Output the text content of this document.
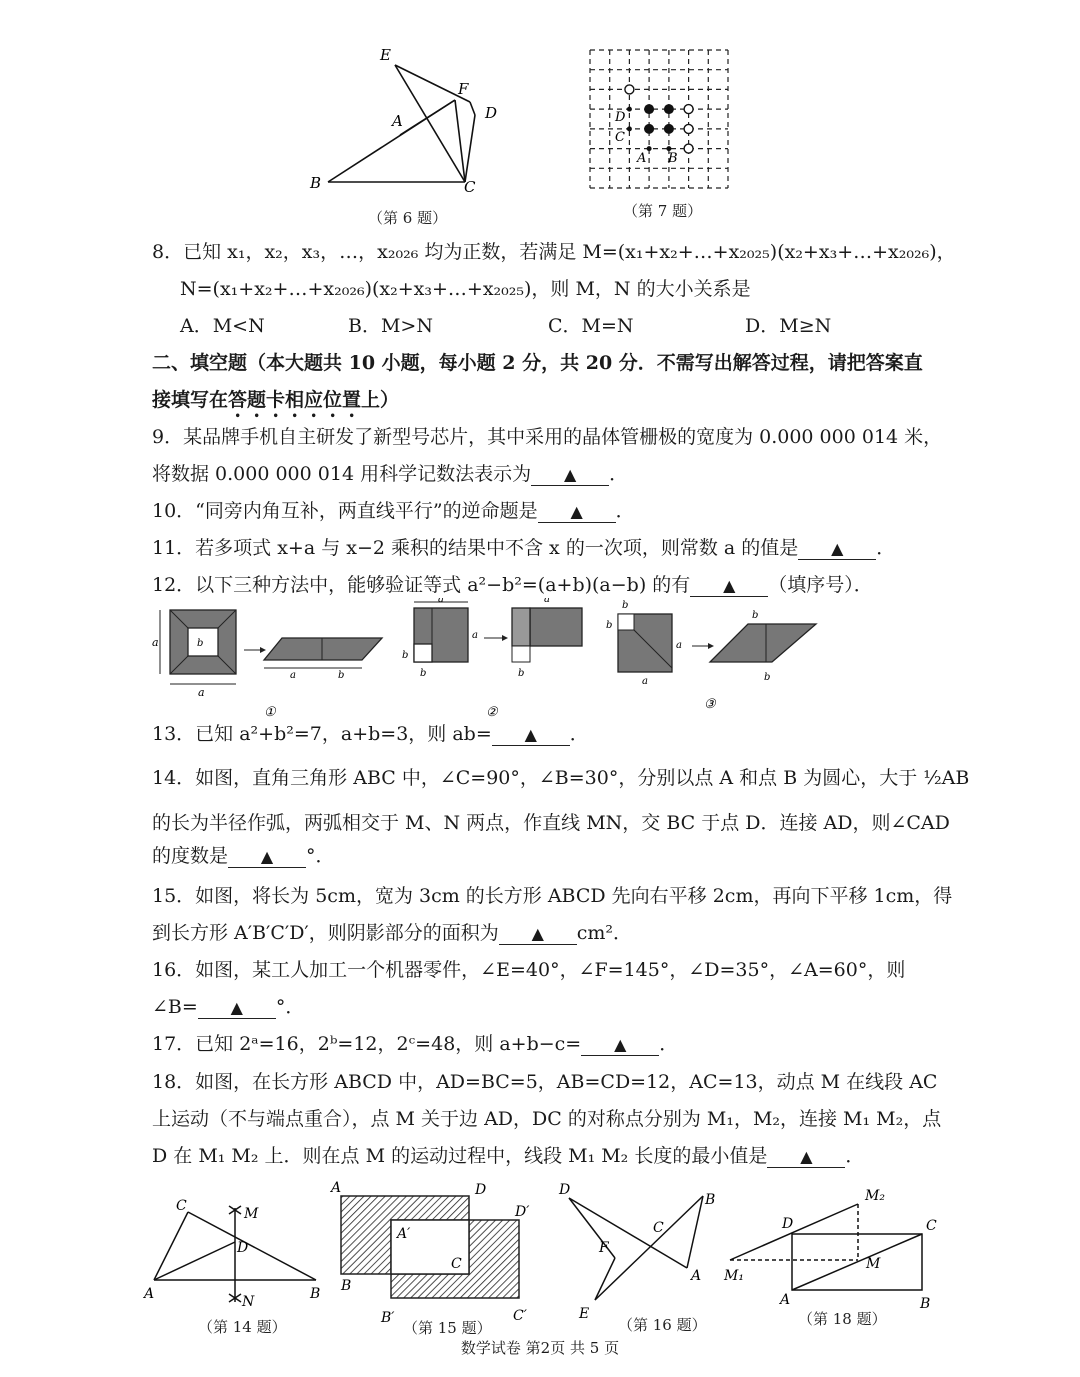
E
F
A	D
B	C
（第 6 题）
D
C
A B
（第 7 题）
8．已知 x₁，x₂，x₃，…，x₂₀₂₆ 均为正数，若满足 M=(x₁+x₂+…+x₂₀₂₅)(x₂+x₃+…+x₂₀₂₆)，
N=(x₁+x₂+…+x₂₀₂₆)(x₂+x₃+…+x₂₀₂₅)，则 M，N 的大小关系是
A．M<N	B．M>N	C．M=N	D．M≥N
二、填空题（本大题共 10 小题，每小题 2 分，共 20 分．不需写出解答过程，请把答案直
接填写在答题卡相应位置上）
9．某品牌手机自主研发了新型号芯片，其中采用的晶体管栅极的宽度为 0.000 000 014 米，
将数据 0.000 000 014 用科学记数法表示为 ▲ ．
10．“同旁内角互补，两直线平行”的逆命题是 ▲ ．
11．若多项式 x+a 与 x−2 乘积的结果中不含 x 的一次项，则常数 a 的值是 ▲ ．
12．以下三种方法中，能够验证等式 a²−b²=(a+b)(a−b) 的有 ▲ （填序号）．
a
a
b
a	b
①
a
a
b
b
a
b
②
b
b
a
a
b
b
③
13．已知 a²+b²=7，a+b=3，则 ab= ▲ ．
14．如图，直角三角形 ABC 中，∠C=90°，∠B=30°，分别以点 A 和点 B 为圆心，大于 ½AB
的长为半径作弧，两弧相交于 M、N 两点，作直线 MN，交 BC 于点 D．连接 AD，则∠CAD
的度数是 ▲ °．
15．如图，将长为 5cm，宽为 3cm 的长方形 ABCD 先向右平移 2cm，再向下平移 1cm，得
到长方形 A′B′C′D′，则阴影部分的面积为 ▲ cm²．
16．如图，某工人加工一个机器零件，∠E=40°，∠F=145°，∠D=35°，∠A=60°，则
∠B= ▲ °．
17．已知 2ᵃ=16，2ᵇ=12，2ᶜ=48，则 a+b−c= ▲ ．
18．如图，在长方形 ABCD 中，AD=BC=5，AB=CD=12，AC=13，动点 M 在线段 AC
上运动（不与端点重合），点 M 关于边 AD，DC 的对称点分别为 M₁，M₂，连接 M₁ M₂，点
D 在 M₁ M₂ 上．则在点 M 的运动过程中，线段 M₁ M₂ 长度的最小值是 ▲ ．
C	M
D
A	N	B
（第 14 题）
A	D
D′
A′
C
B
B′	C′
（第 15 题）
D
B
C
F
A
E
（第 16 题）
M₂
D	C
M
M₁
A	B
（第 18 题）
数学试卷 第2页 共 5 页
